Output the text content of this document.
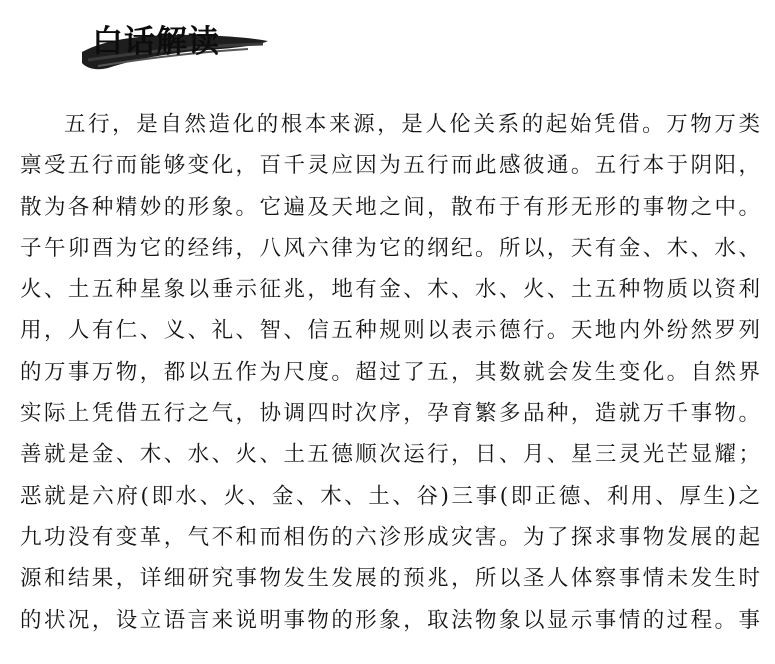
白话解读
五行，是自然造化的根本来源，是人伦关系的起始凭借。万物万类
禀受五行而能够变化，百千灵应因为五行而此感彼通。五行本于阴阳，
散为各种精妙的形象。它遍及天地之间，散布于有形无形的事物之中。
子午卯酉为它的经纬，八风六律为它的纲纪。所以，天有金、木、水、
火、土五种星象以垂示征兆，地有金、木、水、火、土五种物质以资利
用，人有仁、义、礼、智、信五种规则以表示德行。天地内外纷然罗列
的万事万物，都以五作为尺度。超过了五，其数就会发生变化。自然界
实际上凭借五行之气，协调四时次序，孕育繁多品种，造就万千事物。
善就是金、木、水、火、土五德顺次运行，日、月、星三灵光芒显耀；
恶就是六府(即水、火、金、木、土、谷)三事(即正德、利用、厚生)之
九功没有变革，气不和而相伤的六沴形成灾害。为了探求事物发展的起
源和结果，详细研究事物发生发展的预兆，所以圣人体察事情未发生时
的状况，设立语言来说明事物的形象，取法物象以显示事情的过程。事
